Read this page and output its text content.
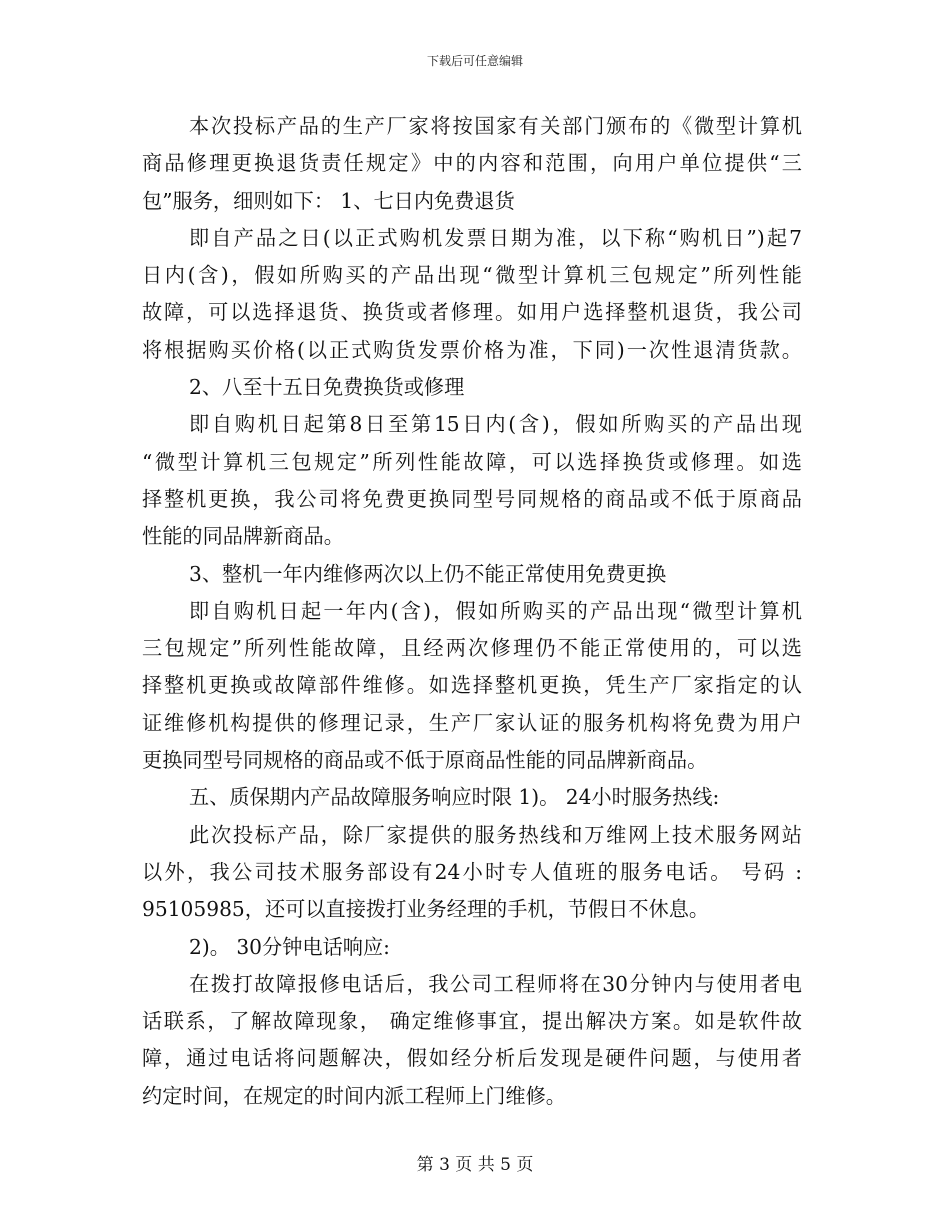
下载后可任意编辑
本次投标产品的生产厂家将按国家有关部门颁布的《微型计算机
商品修理更换退货责任规定》中的内容和范围，向用户单位提供“三
包”服务，细则如下： 1、七日内免费退货
即自产品之日(以正式购机发票日期为准，以下称“购机日”)起7
日内(含)，假如所购买的产品出现“微型计算机三包规定”所列性能
故障，可以选择退货、换货或者修理。如用户选择整机退货，我公司
将根据购买价格(以正式购货发票价格为准，下同)一次性退清货款。
2、八至十五日免费换货或修理
即自购机日起第8日至第15日内(含)，假如所购买的产品出现
“微型计算机三包规定”所列性能故障，可以选择换货或修理。如选
择整机更换，我公司将免费更换同型号同规格的商品或不低于原商品
性能的同品牌新商品。
3、整机一年内维修两次以上仍不能正常使用免费更换
即自购机日起一年内(含)，假如所购买的产品出现“微型计算机
三包规定”所列性能故障，且经两次修理仍不能正常使用的，可以选
择整机更换或故障部件维修。如选择整机更换，凭生产厂家指定的认
证维修机构提供的修理记录，生产厂家认证的服务机构将免费为用户
更换同型号同规格的商品或不低于原商品性能的同品牌新商品。
五、质保期内产品故障服务响应时限 1)。 24小时服务热线:
此次投标产品，除厂家提供的服务热线和万维网上技术服务网站
以外，我公司技术服务部设有24小时专人值班的服务电话。 号码 :
95105985，还可以直接拨打业务经理的手机，节假日不休息。
2)。 30分钟电话响应:
在拨打故障报修电话后，我公司工程师将在30分钟内与使用者电
话联系，了解故障现象， 确定维修事宜，提出解决方案。如是软件故
障，通过电话将问题解决，假如经分析后发现是硬件问题，与使用者
约定时间，在规定的时间内派工程师上门维修。
第 3 页 共 5 页
